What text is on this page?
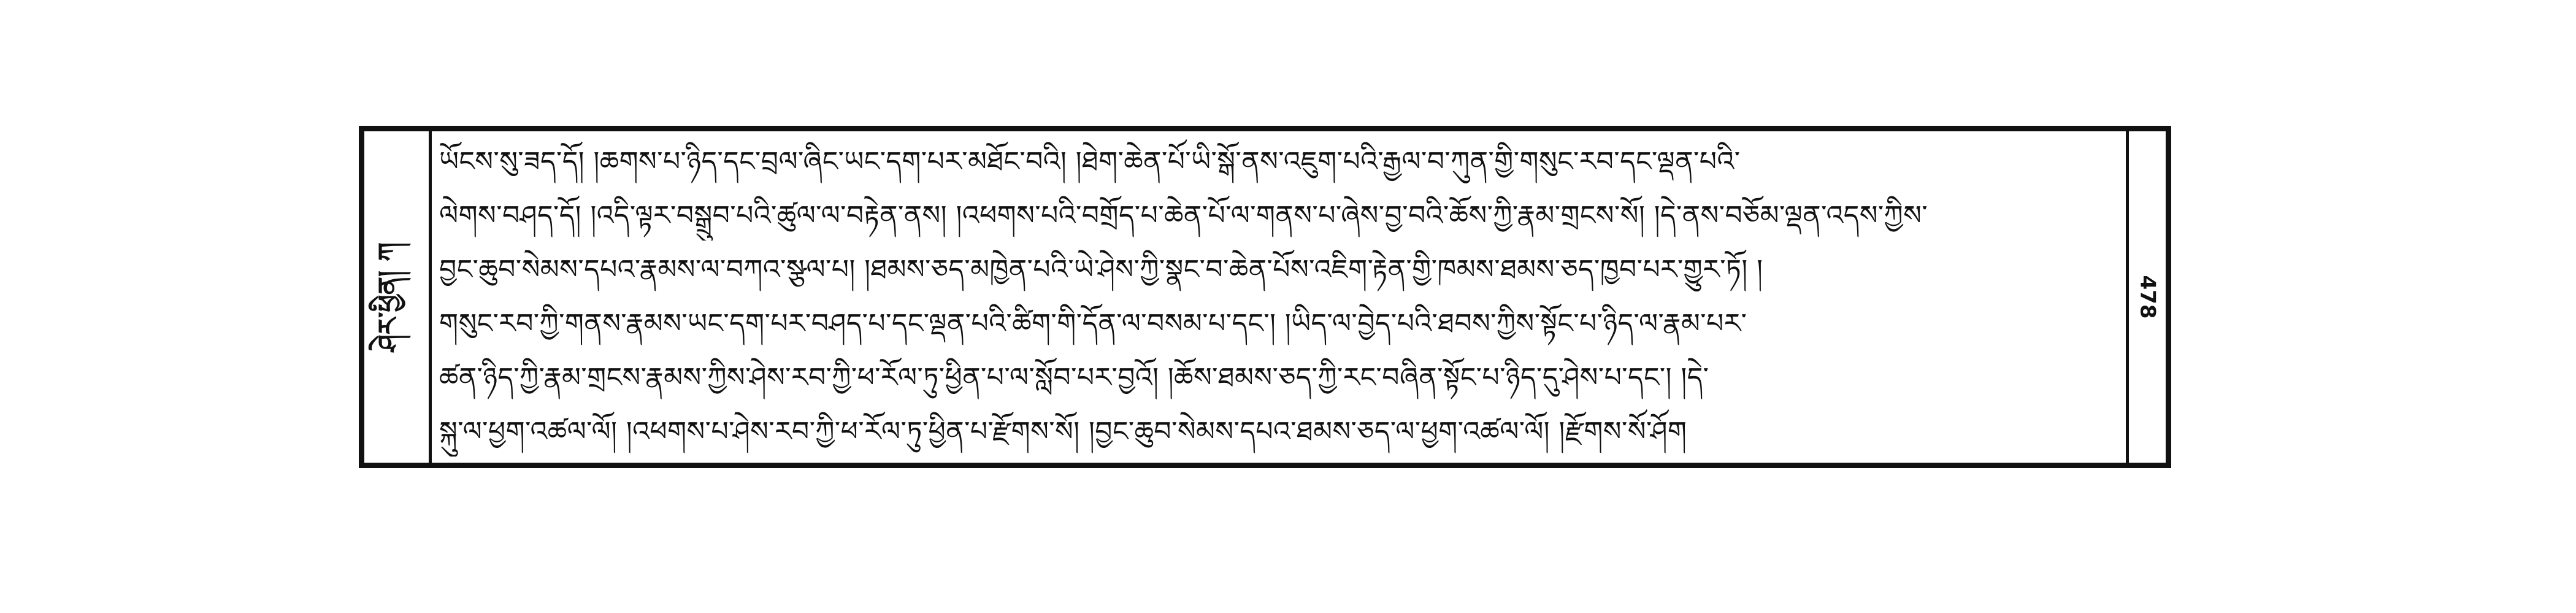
ཤེར་ཕྱིན། ཀ
ཡོངས་སུ་ཟད་དོ། །ཆགས་པ་ཉིད་དང་བྲལ་ཞིང་ཡང་དག་པར་མཐོང་བའི། །ཐེག་ཆེན་པོ་ཡི་སྒོ་ནས་འཇུག་པའི་རྒྱལ་བ་ཀུན་གྱི་གསུང་རབ་དང་ལྡན་པའི་
ལེགས་བཤད་དོ། །འདི་ལྟར་བསྒྲུབ་པའི་ཚུལ་ལ་བརྟེན་ནས། །འཕགས་པའི་བགྲོད་པ་ཆེན་པོ་ལ་གནས་པ་ཞེས་བྱ་བའི་ཆོས་ཀྱི་རྣམ་གྲངས་སོ། །དེ་ནས་བཅོམ་ལྡན་འདས་ཀྱིས་
བྱང་ཆུབ་སེམས་དཔའ་རྣམས་ལ་བཀའ་སྩལ་པ། །ཐམས་ཅད་མཁྱེན་པའི་ཡེ་ཤེས་ཀྱི་སྣང་བ་ཆེན་པོས་འཇིག་རྟེན་གྱི་ཁམས་ཐམས་ཅད་ཁྱབ་པར་གྱུར་ཏོ། །
གསུང་རབ་ཀྱི་གནས་རྣམས་ཡང་དག་པར་བཤད་པ་དང་ལྡན་པའི་ཚིག་གི་དོན་ལ་བསམ་པ་དང་། །ཡིད་ལ་བྱེད་པའི་ཐབས་ཀྱིས་སྟོང་པ་ཉིད་ལ་རྣམ་པར་
ཚན་ཉིད་ཀྱི་རྣམ་གྲངས་རྣམས་ཀྱིས་ཤེས་རབ་ཀྱི་ཕ་རོལ་ཏུ་ཕྱིན་པ་ལ་སློབ་པར་བྱའོ། །ཆོས་ཐམས་ཅད་ཀྱི་རང་བཞིན་སྟོང་པ་ཉིད་དུ་ཤེས་པ་དང་། །དེ་
སྐུ་ལ་ཕྱག་འཚལ་ལོ། །འཕགས་པ་ཤེས་རབ་ཀྱི་ཕ་རོལ་ཏུ་ཕྱིན་པ་རྫོགས་སོ། །བྱང་ཆུབ་སེམས་དཔའ་ཐམས་ཅད་ལ་ཕྱག་འཚལ་ལོ། །རྫོགས་སོ་ཤོག
478
